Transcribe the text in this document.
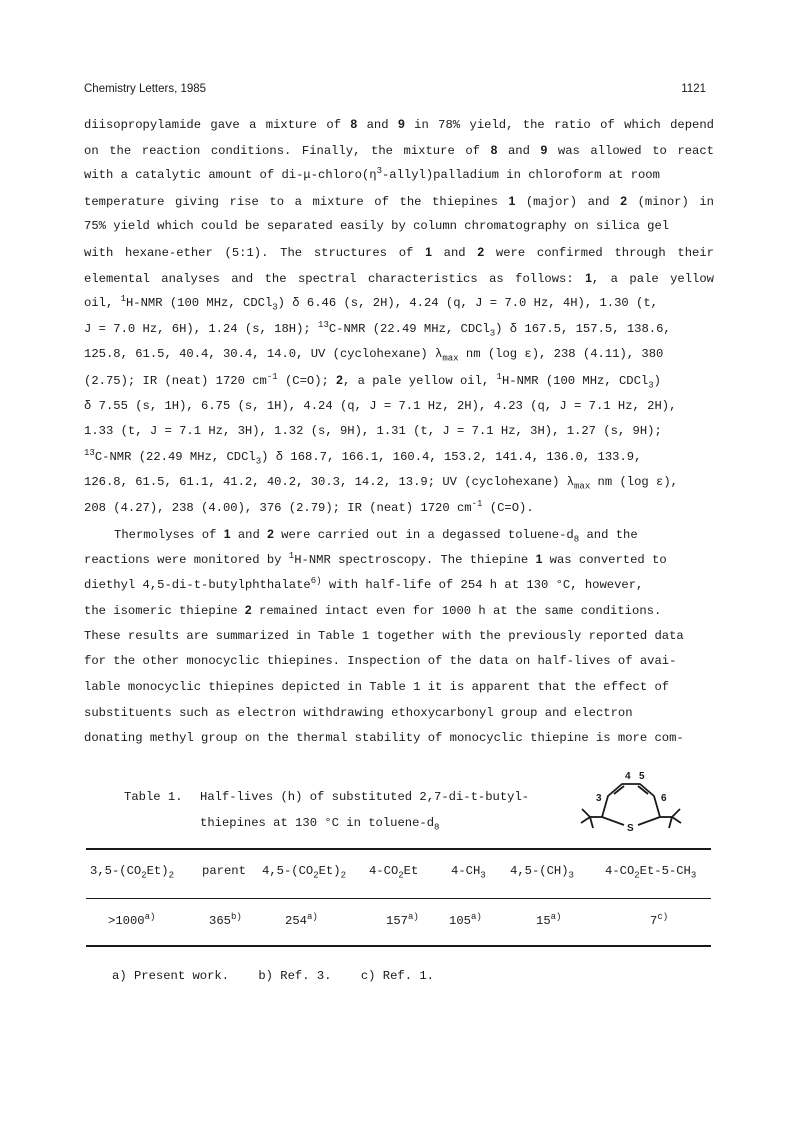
Chemistry Letters, 1985	1121
diisopropylamide gave a mixture of 8 and 9 in 78% yield, the ratio of which depend
on the reaction conditions. Finally, the mixture of 8 and 9 was allowed to react
with a catalytic amount of $di-\mu-chloro(\eta^3-allyl)palladium$ in chloroform at room
temperature giving rise to a mixture of the thiepines 1 (major) and 2 (minor) in
75% yield which could be separated easily by column chromatography on silica gel
with hexane-ether (5:1). The structures of 1 and 2 were confirmed through their
elemental analyses and the spectral characteristics as follows: 1, a pale yellow
oil, $^1$H-NMR (100 MHz, CDCl$_3$) δ 6.46 (s, 2H), 4.24 (q, J = 7.0 Hz, 4H), 1.30 (t,
J = 7.0 Hz, 6H), 1.24 (s, 18H); $^{13}$C-NMR (22.49 MHz, CDCl$_3$) δ 167.5, 157.5, 138.6,
125.8, 61.5, 40.4, 30.4, 14.0, UV (cyclohexane) $\lambda_{max}$ nm (log ε), 238 (4.11), 380
(2.75); IR (neat) 1720 $cm^{-1}$ (C=O); 2, a pale yellow oil, $^1$H-NMR (100 MHz, CDCl$_3$)
δ 7.55 (s, 1H), 6.75 (s, 1H), 4.24 (q, J = 7.1 Hz, 2H), 4.23 (q, J = 7.1 Hz, 2H),
1.33 (t, J = 7.1 Hz, 3H), 1.32 (s, 9H), 1.31 (t, J = 7.1 Hz, 3H), 1.27 (s, 9H);
$^{13}$C-NMR (22.49 MHz, CDCl$_3$) δ 168.7, 166.1, 160.4, 153.2, 141.4, 136.0, 133.9,
126.8, 61.5, 61.1, 41.2, 40.2, 30.3, 14.2, 13.9; UV (cyclohexane) $\lambda_{max}$ nm (log ε),
208 (4.27), 238 (4.00), 376 (2.79); IR (neat) 1720 $cm^{-1}$ (C=O).
Thermolyses of 1 and 2 were carried out in a degassed toluene-$d_8$ and the
reactions were monitored by $^1$H-NMR spectroscopy. The thiepine 1 was converted to
diethyl 4,5-di-t-butylphthalate$^{6)}$ with half-life of 254 h at 130 °C, however,
the isomeric thiepine 2 remained intact even for 1000 h at the same conditions.
These results are summarized in Table 1 together with the previously reported data
for the other monocyclic thiepines. Inspection of the data on half-lives of avai-
lable monocyclic thiepines depicted in Table 1 it is apparent that the effect of
substituents such as electron withdrawing ethoxycarbonyl group and electron
donating methyl group on the thermal stability of monocyclic thiepine is more com-
Table 1. Half-lives (h) of substituted 2,7-di-t-butyl-
thiepines at 130 °C in toluene-$d_8$
4 5
3	6
S
$3,5-(CO_2Et)_2$ parent $4,5-(CO_2Et)_2$ $4-CO_2Et$	$4-CH_3$ $4,5-(CH)_3$	$4-CO_2Et-5-CH_3$
$>1000^{a)}$	365$^{b)}$	254$^{a)}$	157$^{a)}$ 105$^{a)}$	15$^{a)}$	7$^{c)}$
a) Present work. b) Ref. 3. c) Ref. 1.
